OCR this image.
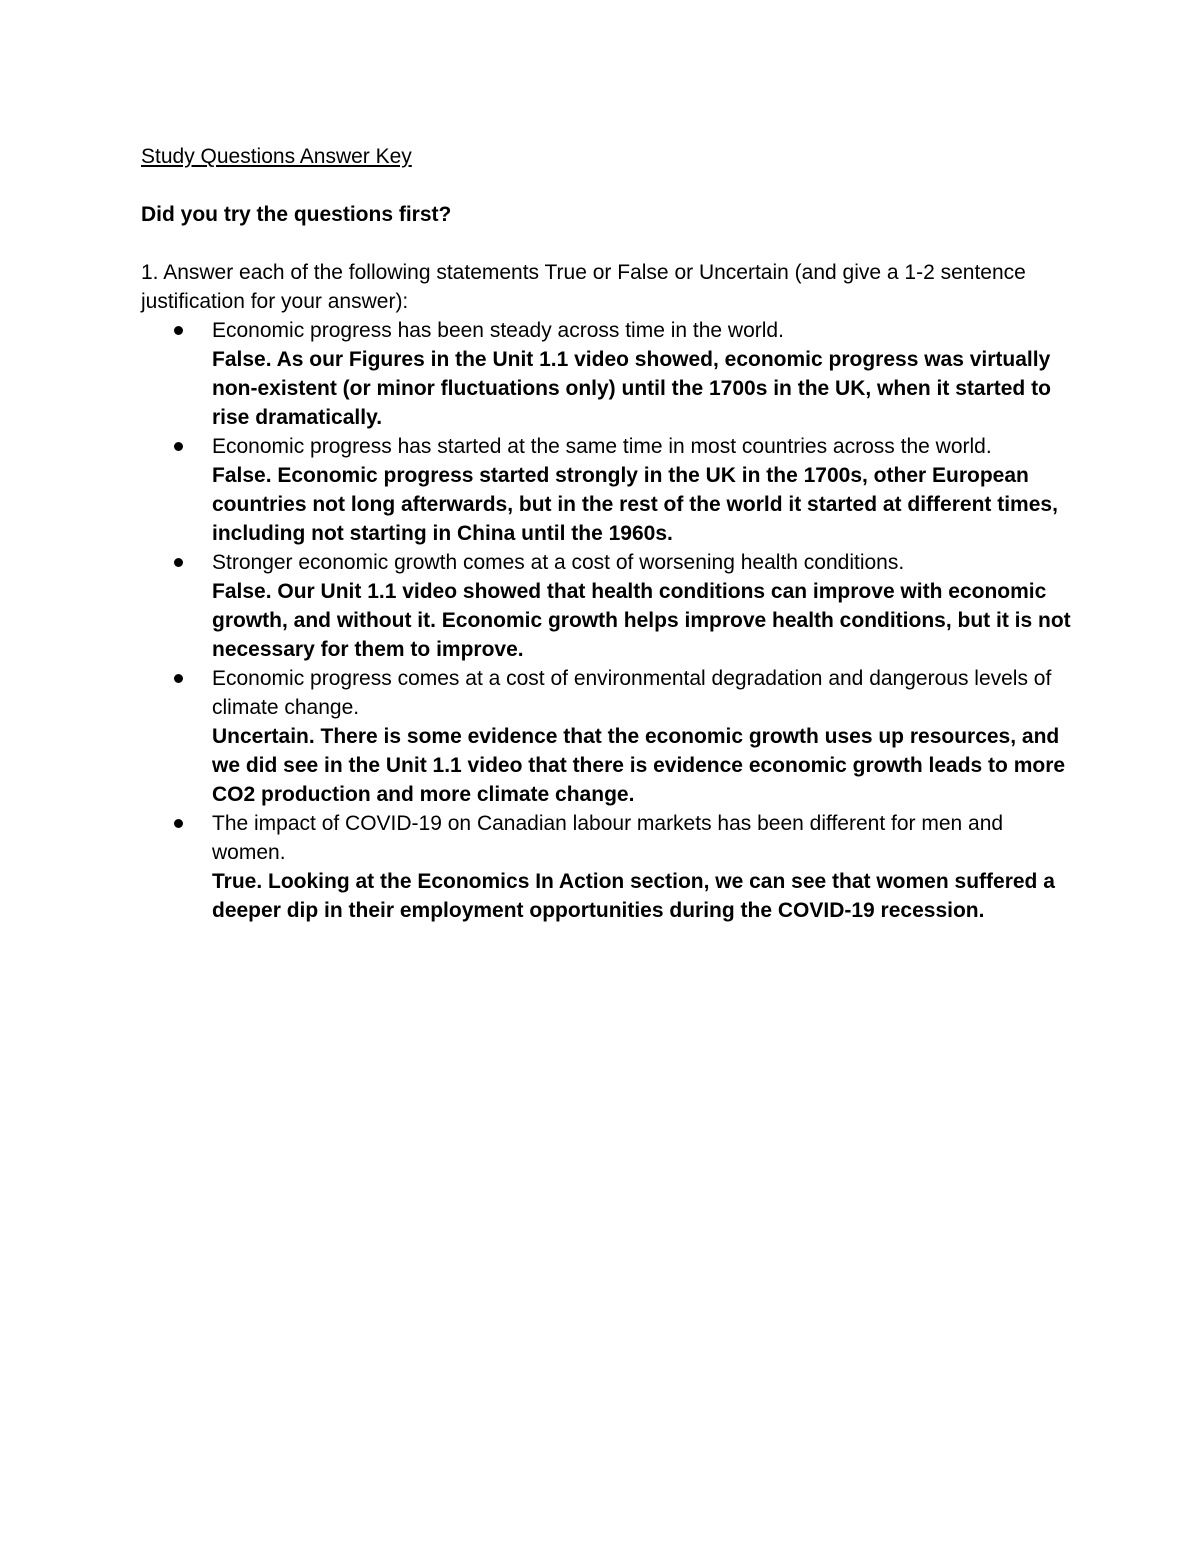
Study Questions Answer Key
Did you try the questions first?
1. Answer each of the following statements True or False or Uncertain (and give a 1-2 sentence justification for your answer):
Economic progress has been steady across time in the world.
False. As our Figures in the Unit 1.1 video showed, economic progress was virtually non-existent (or minor fluctuations only) until the 1700s in the UK, when it started to rise dramatically.
Economic progress has started at the same time in most countries across the world.
False. Economic progress started strongly in the UK in the 1700s, other European countries not long afterwards, but in the rest of the world it started at different times, including not starting in China until the 1960s.
Stronger economic growth comes at a cost of worsening health conditions.
False. Our Unit 1.1 video showed that health conditions can improve with economic growth, and without it. Economic growth helps improve health conditions, but it is not necessary for them to improve.
Economic progress comes at a cost of environmental degradation and dangerous levels of climate change.
Uncertain. There is some evidence that the economic growth uses up resources, and we did see in the Unit 1.1 video that there is evidence economic growth leads to more CO2 production and more climate change.
The impact of COVID-19 on Canadian labour markets has been different for men and women.
True. Looking at the Economics In Action section, we can see that women suffered a deeper dip in their employment opportunities during the COVID-19 recession.
